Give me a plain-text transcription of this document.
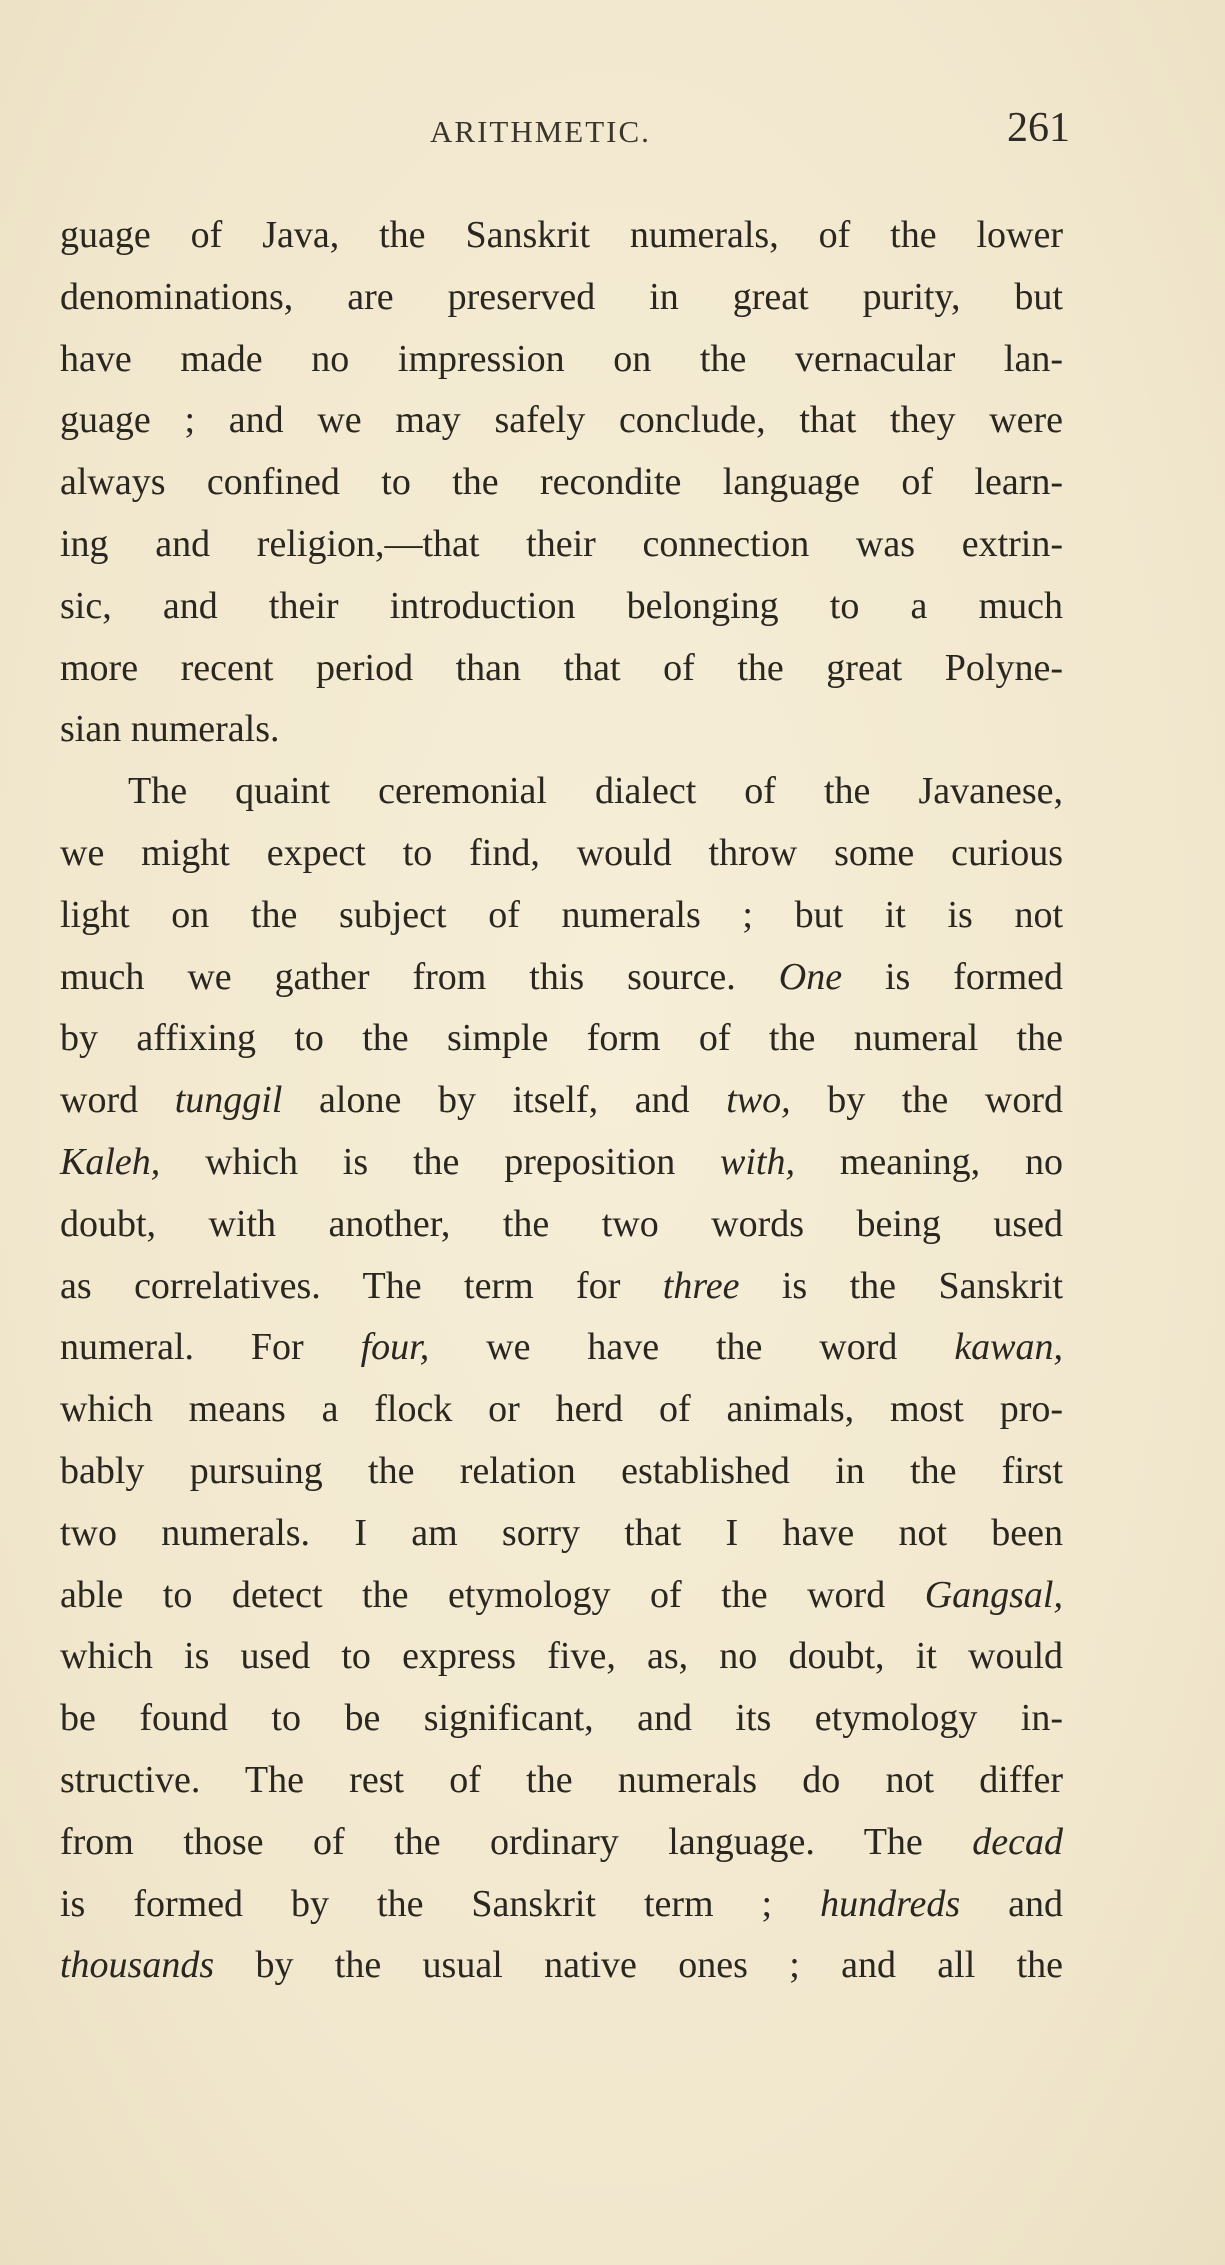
ARITHMETIC.	261
guage of Java, the Sanskrit numerals, of the lower
denominations, are preserved in great purity, but
have made no impression on the vernacular lan-
guage ; and we may safely conclude, that they were
always confined to the recondite language of learn-
ing and religion,—that their connection was extrin-
sic, and their introduction belonging to a much
more recent period than that of the great Polyne-
sian numerals.
The quaint ceremonial dialect of the Javanese,
we might expect to find, would throw some curious
light on the subject of numerals ; but it is not
much we gather from this source. One is formed
by affixing to the simple form of the numeral the
word tunggil alone by itself, and two, by the word
Kaleh, which is the preposition with, meaning, no
doubt, with another, the two words being used
as correlatives. The term for three is the Sanskrit
numeral. For four, we have the word kawan,
which means a flock or herd of animals, most pro-
bably pursuing the relation established in the first
two numerals. I am sorry that I have not been
able to detect the etymology of the word Gangsal,
which is used to express five, as, no doubt, it would
be found to be significant, and its etymology in-
structive. The rest of the numerals do not differ
from those of the ordinary language. The decad
is formed by the Sanskrit term ; hundreds and
thousands by the usual native ones ; and all the
